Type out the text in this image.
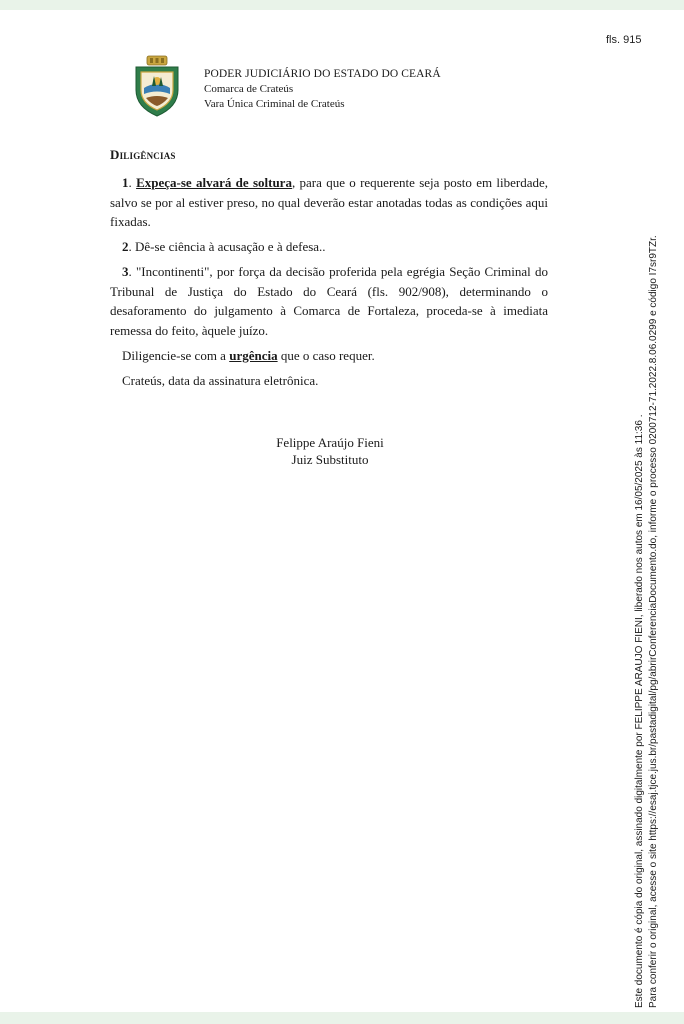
fls. 915
PODER JUDICIÁRIO DO ESTADO DO CEARÁ
Comarca de Crateús
Vara Única Criminal de Crateús
Diligências

1. Expeça-se alvará de soltura, para que o requerente seja posto em liberdade, salvo se por al estiver preso, no qual deverão estar anotadas todas as condições aqui fixadas.

2. Dê-se ciência à acusação e à defesa..

3. "Incontinenti", por força da decisão proferida pela egrégia Seção Criminal do Tribunal de Justiça do Estado do Ceará (fls. 902/908), determinando o desaforamento do julgamento à Comarca de Fortaleza, proceda-se à imediata remessa do feito, àquele juízo.

Diligencie-se com a urgência que o caso requer.

Crateús, data da assinatura eletrônica.

Felippe Araújo Fieni
Juiz Substituto	Este documento é cópia do original, assinado digitalmente por FELIPPE ARAUJO FIENI, liberado nos autos em 16/05/2025 às 11:36 . Para conferir o original, acesse o site https://esaj.tjce.jus.br/pastadigital/pg/abrirConferenciaDocumento.do, informe o processo 0200712-71.2022.8.06.0299 e código I7sr9TZr.
